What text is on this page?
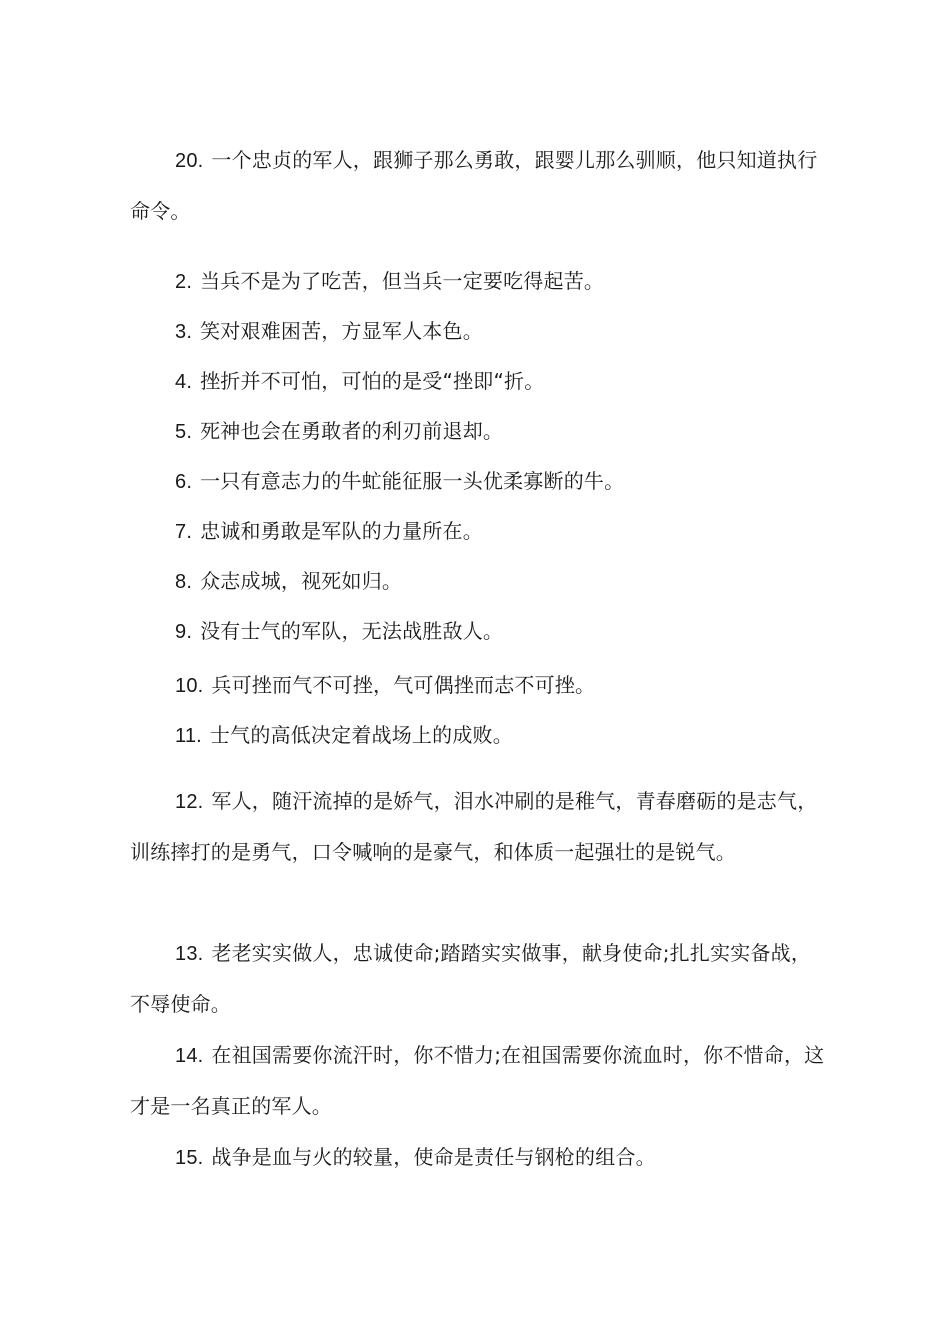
20. 一个忠贞的军人，跟狮子那么勇敢，跟婴儿那么驯顺，他只知道执行命令。

2. 当兵不是为了吃苦，但当兵一定要吃得起苦。

3. 笑对艰难困苦，方显军人本色。

4. 挫折并不可怕，可怕的是受“挫即“折。

5. 死神也会在勇敢者的利刃前退却。

6. 一只有意志力的牛虻能征服一头优柔寡断的牛。

7. 忠诚和勇敢是军队的力量所在。

8. 众志成城，视死如归。

9. 没有士气的军队，无法战胜敌人。

10. 兵可挫而气不可挫，气可偶挫而志不可挫。

11. 士气的高低决定着战场上的成败。

12. 军人，随汗流掉的是娇气，泪水冲刷的是稚气，青春磨砺的是志气，训练摔打的是勇气，口令喊响的是豪气，和体质一起强壮的是锐气。

13. 老老实实做人，忠诚使命;踏踏实实做事，献身使命;扎扎实实备战，不辱使命。

14. 在祖国需要你流汗时，你不惜力;在祖国需要你流血时，你不惜命，这才是一名真正的军人。

15. 战争是血与火的较量，使命是责任与钢枪的组合。
